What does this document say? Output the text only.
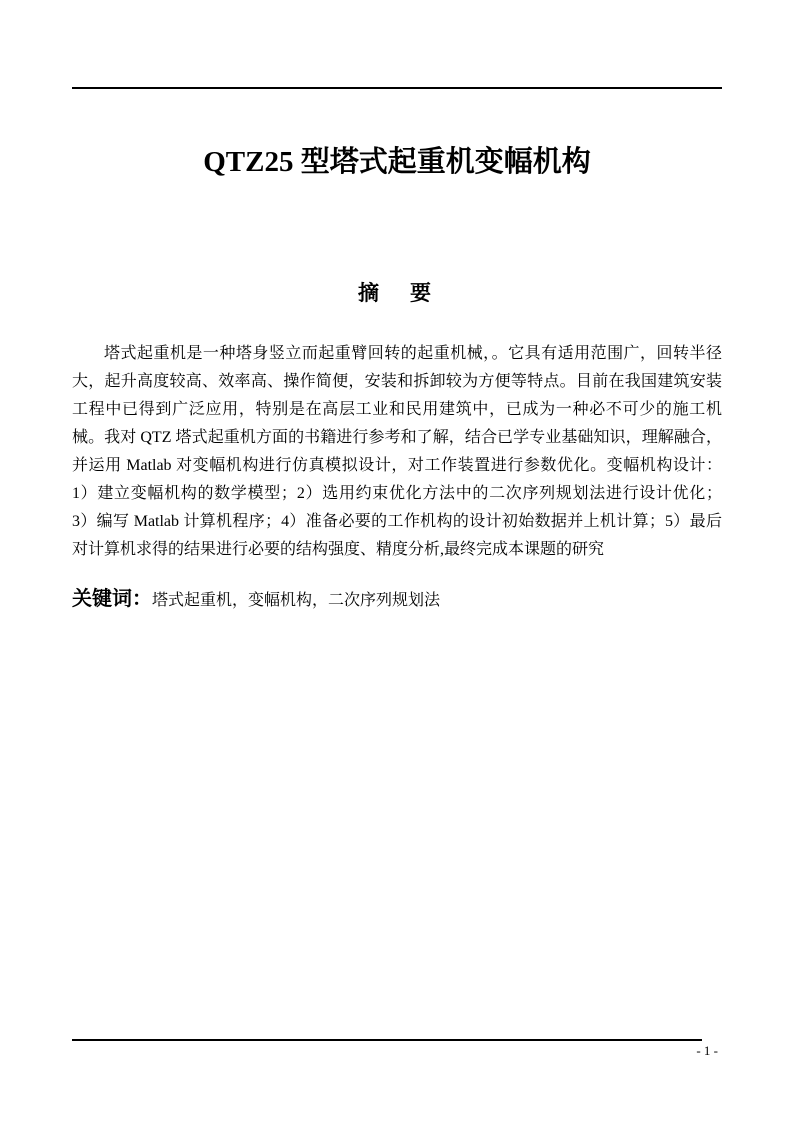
QTZ25 型塔式起重机变幅机构
摘　要
塔式起重机是一种塔身竖立而起重臂回转的起重机械，。它具有适用范围广，回转半径
大，起升高度较高、效率高、操作简便，安装和拆卸较为方便等特点。目前在我国建筑安装
工程中已得到广泛应用，特别是在高层工业和民用建筑中，已成为一种必不可少的施工机
械。我对 QTZ 塔式起重机方面的书籍进行参考和了解，结合已学专业基础知识，理解融合，
并运用 Matlab 对变幅机构进行仿真模拟设计，对工作装置进行参数优化。变幅机构设计：
1）建立变幅机构的数学模型；2）选用约束优化方法中的二次序列规划法进行设计优化；
3）编写 Matlab 计算机程序；4）准备必要的工作机构的设计初始数据并上机计算；5）最后
对计算机求得的结果进行必要的结构强度、精度分析,最终完成本课题的研究
关键词：塔式起重机，变幅机构，二次序列规划法
- 1 -
